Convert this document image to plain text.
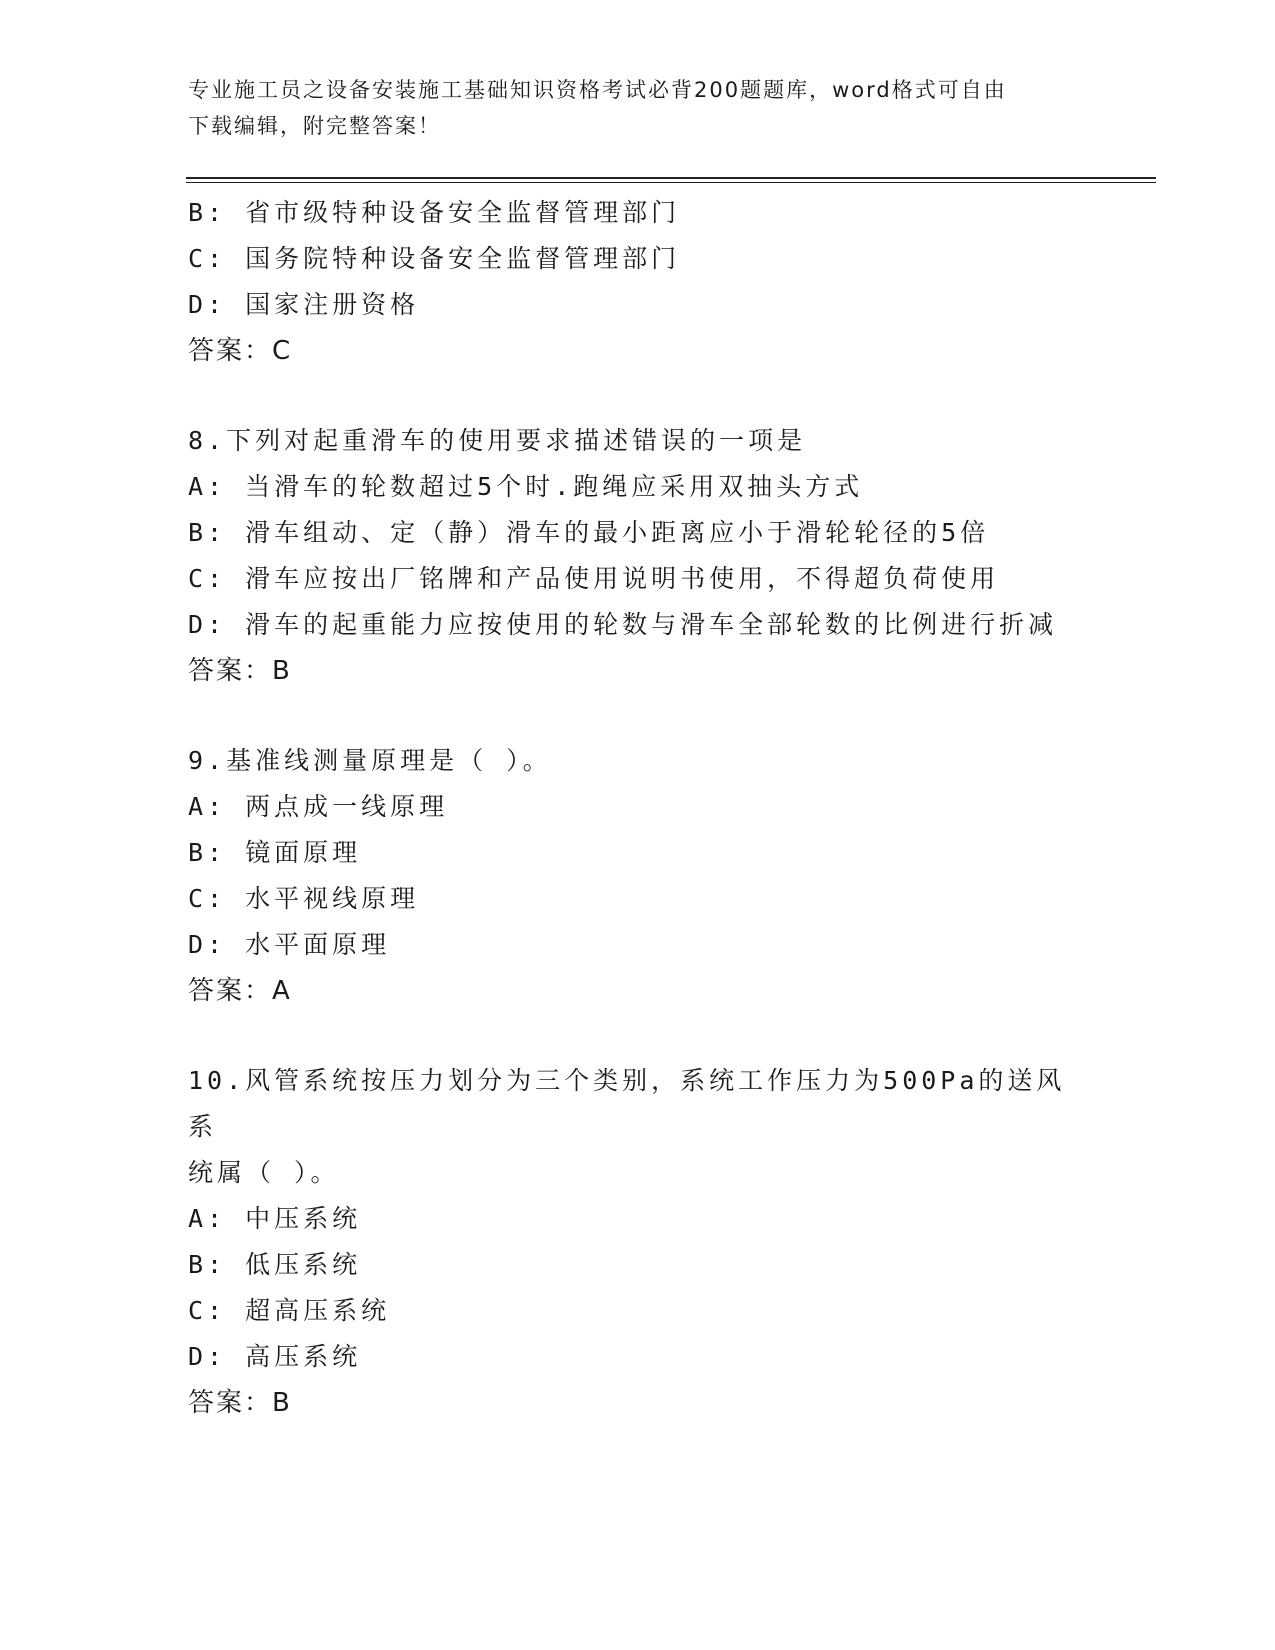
专业施工员之设备安装施工基础知识资格考试必背200题题库，word格式可自由
下载编辑，附完整答案！
B: 省市级特种设备安全监督管理部门
C: 国务院特种设备安全监督管理部门
D: 国家注册资格
答案：C
8.下列对起重滑车的使用要求描述错误的一项是
A: 当滑车的轮数超过5个时.跑绳应采用双抽头方式
B: 滑车组动、定（静）滑车的最小距离应小于滑轮轮径的5倍
C: 滑车应按出厂铭牌和产品使用说明书使用，不得超负荷使用
D: 滑车的起重能力应按使用的轮数与滑车全部轮数的比例进行折减
答案：B
9.基准线测量原理是（ ）。
A: 两点成一线原理
B: 镜面原理
C: 水平视线原理
D: 水平面原理
答案：A
10.风管系统按压力划分为三个类别，系统工作压力为500Pa的送风系
统属（ ）。
A: 中压系统
B: 低压系统
C: 超高压系统
D: 高压系统
答案：B
